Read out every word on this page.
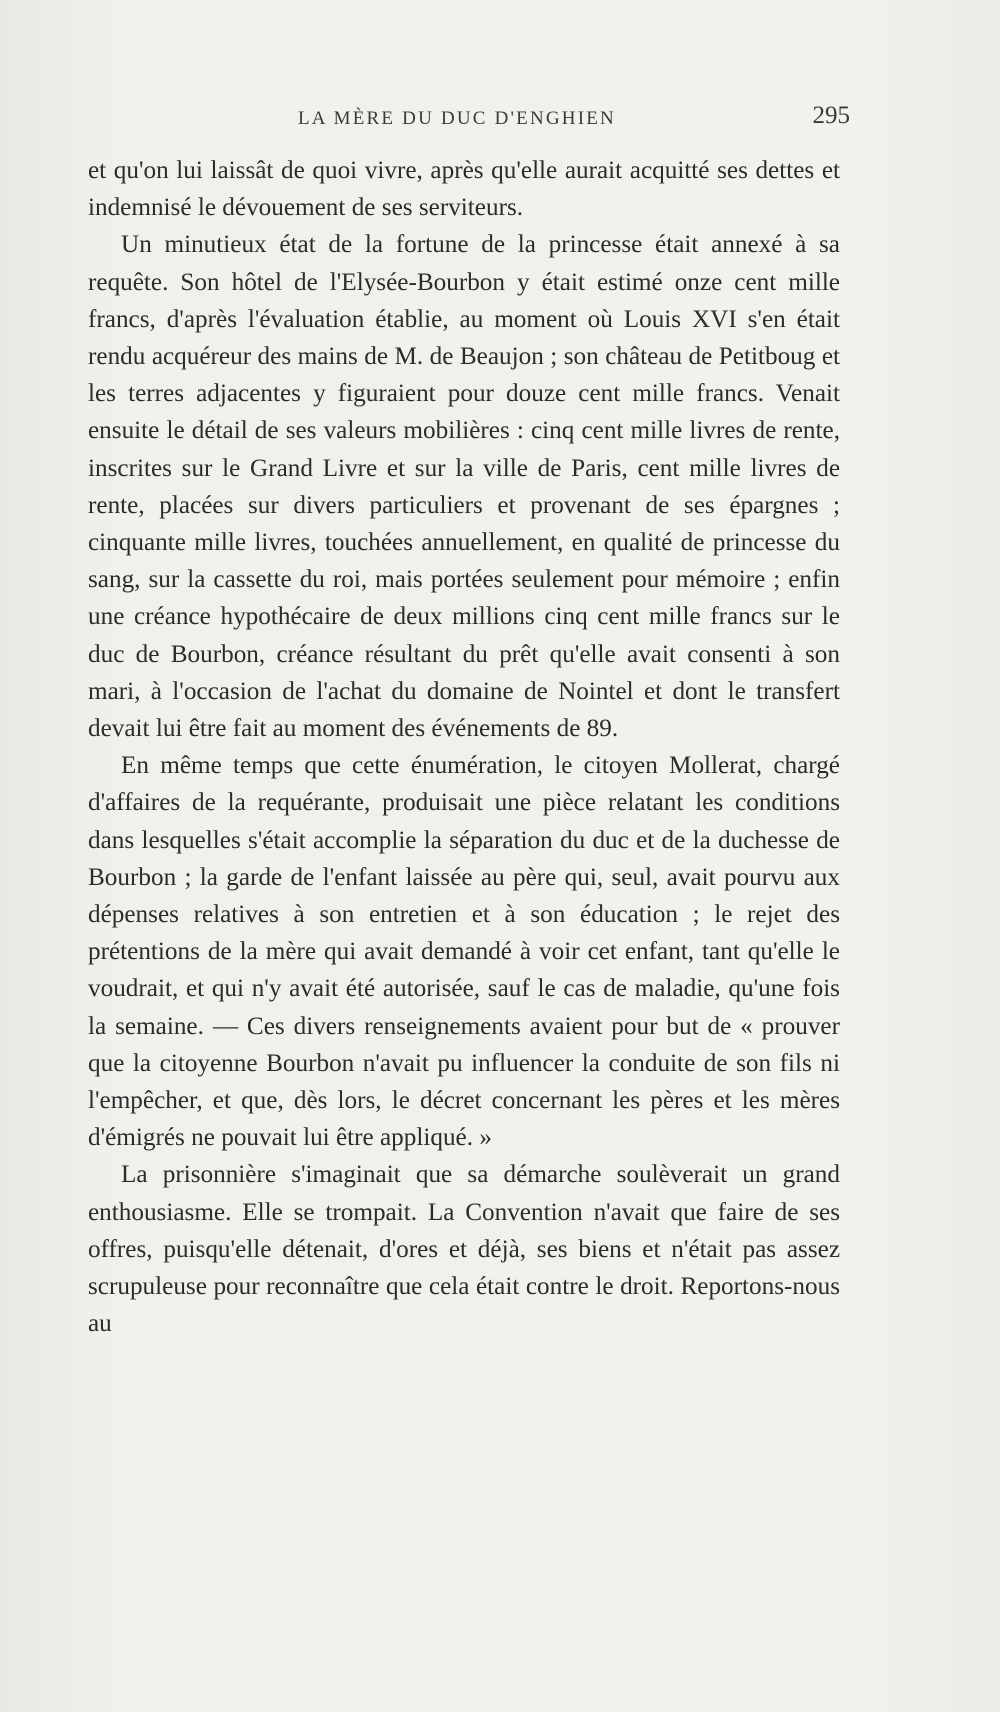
LA MÈRE DU DUC D'ENGHIEN	295

et qu'on lui laissât de quoi vivre, après qu'elle aurait acquitté ses dettes et indemnisé le dévouement de ses serviteurs.

Un minutieux état de la fortune de la princesse était annexé à sa requête. Son hôtel de l'Elysée-Bourbon y était estimé onze cent mille francs, d'après l'évaluation établie, au moment où Louis XVI s'en était rendu acquéreur des mains de M. de Beaujon ; son château de Petitboug et les terres adjacentes y figuraient pour douze cent mille francs. Venait ensuite le détail de ses valeurs mobilières : cinq cent mille livres de rente, inscrites sur le Grand Livre et sur la ville de Paris, cent mille livres de rente, placées sur divers particuliers et provenant de ses épargnes ; cinquante mille livres, touchées annuellement, en qualité de princesse du sang, sur la cassette du roi, mais portées seulement pour mémoire ; enfin une créance hypothécaire de deux millions cinq cent mille francs sur le duc de Bourbon, créance résultant du prêt qu'elle avait consenti à son mari, à l'occasion de l'achat du domaine de Nointel et dont le transfert devait lui être fait au moment des événements de 89.

En même temps que cette énumération, le citoyen Mollerat, chargé d'affaires de la requérante, produisait une pièce relatant les conditions dans lesquelles s'était accomplie la séparation du duc et de la duchesse de Bourbon ; la garde de l'enfant laissée au père qui, seul, avait pourvu aux dépenses relatives à son entretien et à son éducation ; le rejet des prétentions de la mère qui avait demandé à voir cet enfant, tant qu'elle le voudrait, et qui n'y avait été autorisée, sauf le cas de maladie, qu'une fois la semaine. — Ces divers renseignements avaient pour but de « prouver que la citoyenne Bourbon n'avait pu influencer la conduite de son fils ni l'empêcher, et que, dès lors, le décret concernant les pères et les mères d'émigrés ne pouvait lui être appliqué. »

La prisonnière s'imaginait que sa démarche soulèverait un grand enthousiasme. Elle se trompait. La Convention n'avait que faire de ses offres, puisqu'elle détenait, d'ores et déjà, ses biens et n'était pas assez scrupuleuse pour reconnaître que cela était contre le droit. Reportons-nous au
